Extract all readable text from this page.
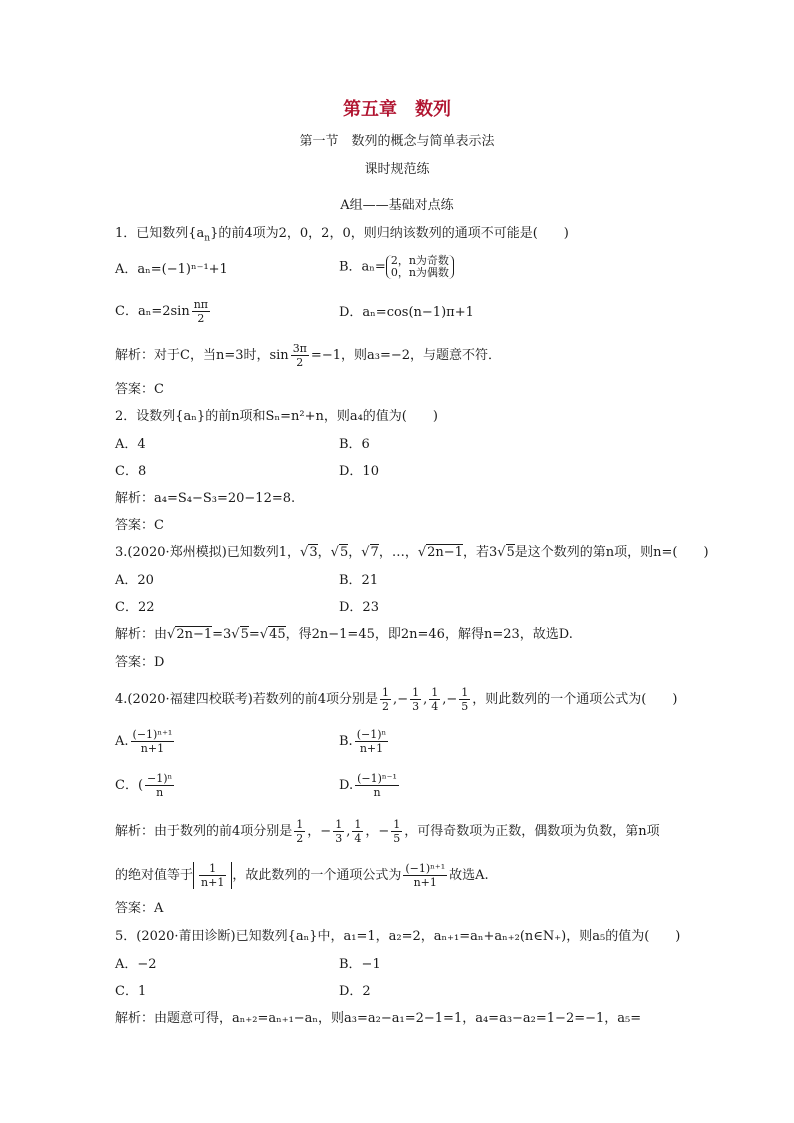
第五章　数列
第一节　数列的概念与简单表示法
课时规范练
A组——基础对点练
1．已知数列$\{a_n\}$的前4项为2，0，2，0，则归纳该数列的通项不可能是(　　)
A．aₙ=(−1)ⁿ⁻¹+1	B．aₙ= 2，n为奇数
0，n为偶数
C．$a_n=2\sin \frac{n\pi}{2}$	D．aₙ=cos(n−1)π+1
解析：对于C，当n=3时，$\sin \frac{3\pi}{2} =-1$，则a₃=−2，与题意不符．
答案：C
2．设数列{aₙ}的前n项和Sₙ=n²+n，则a₄的值为(　　)
A．4	B．6
C．8	D．10
解析：a₄=S₄−S₃=20−12=8.
答案：C
3.(2020·郑州模拟)已知数列1， √ 3， √ 5， √ 7，…， √ 2n−1，若3 √ 5是这个数列的第n项，则n=(　　)
A．20	B．21
C．22	D．23
解析：由 √ 2n−1=3 √ 5= √ 45，得2n−1=45，即2n=46，解得n=23，故选D.
答案：D
4.(2020·福建四校联考)若数列的前4项分别是 $\frac{1}{2}$ ,− $\frac{1}{3}$ , $\frac{1}{4}$ ,− $\frac{1}{5}$ ，则此数列的一个通项公式为(　　)
A. $\frac{\text{(−1)ⁿ⁺¹}}{n+1}$	B. $\frac{\text{(−1)ⁿ}}{n+1}$
C．( $\frac{\text{−1)ⁿ}}{n}$	D. $\frac{\text{(−1)ⁿ⁻¹}}{n}$
解析：由于数列的前4项分别是 $\frac{1}{2}$ ，− $\frac{1}{3}$ , $\frac{1}{4}$ ，− $\frac{1}{5}$ ，可得奇数项为正数，偶数项为负数，第n项
的绝对值等于 $\frac{1}{n+1}$ ，故此数列的一个通项公式为 $\frac{\text{(−1)ⁿ⁺¹}}{n+1}$ 故选A.
答案：A
5．(2020·莆田诊断)已知数列{aₙ}中，a₁=1，a₂=2，aₙ₊₁=aₙ+aₙ₊₂(n∈N₊)，则a₅的值为(　　)
A．−2	B．−1
C．1	D．2
解析：由题意可得，aₙ₊₂=aₙ₊₁−aₙ，则a₃=a₂−a₁=2−1=1，a₄=a₃−a₂=1−2=−1，a₅=
